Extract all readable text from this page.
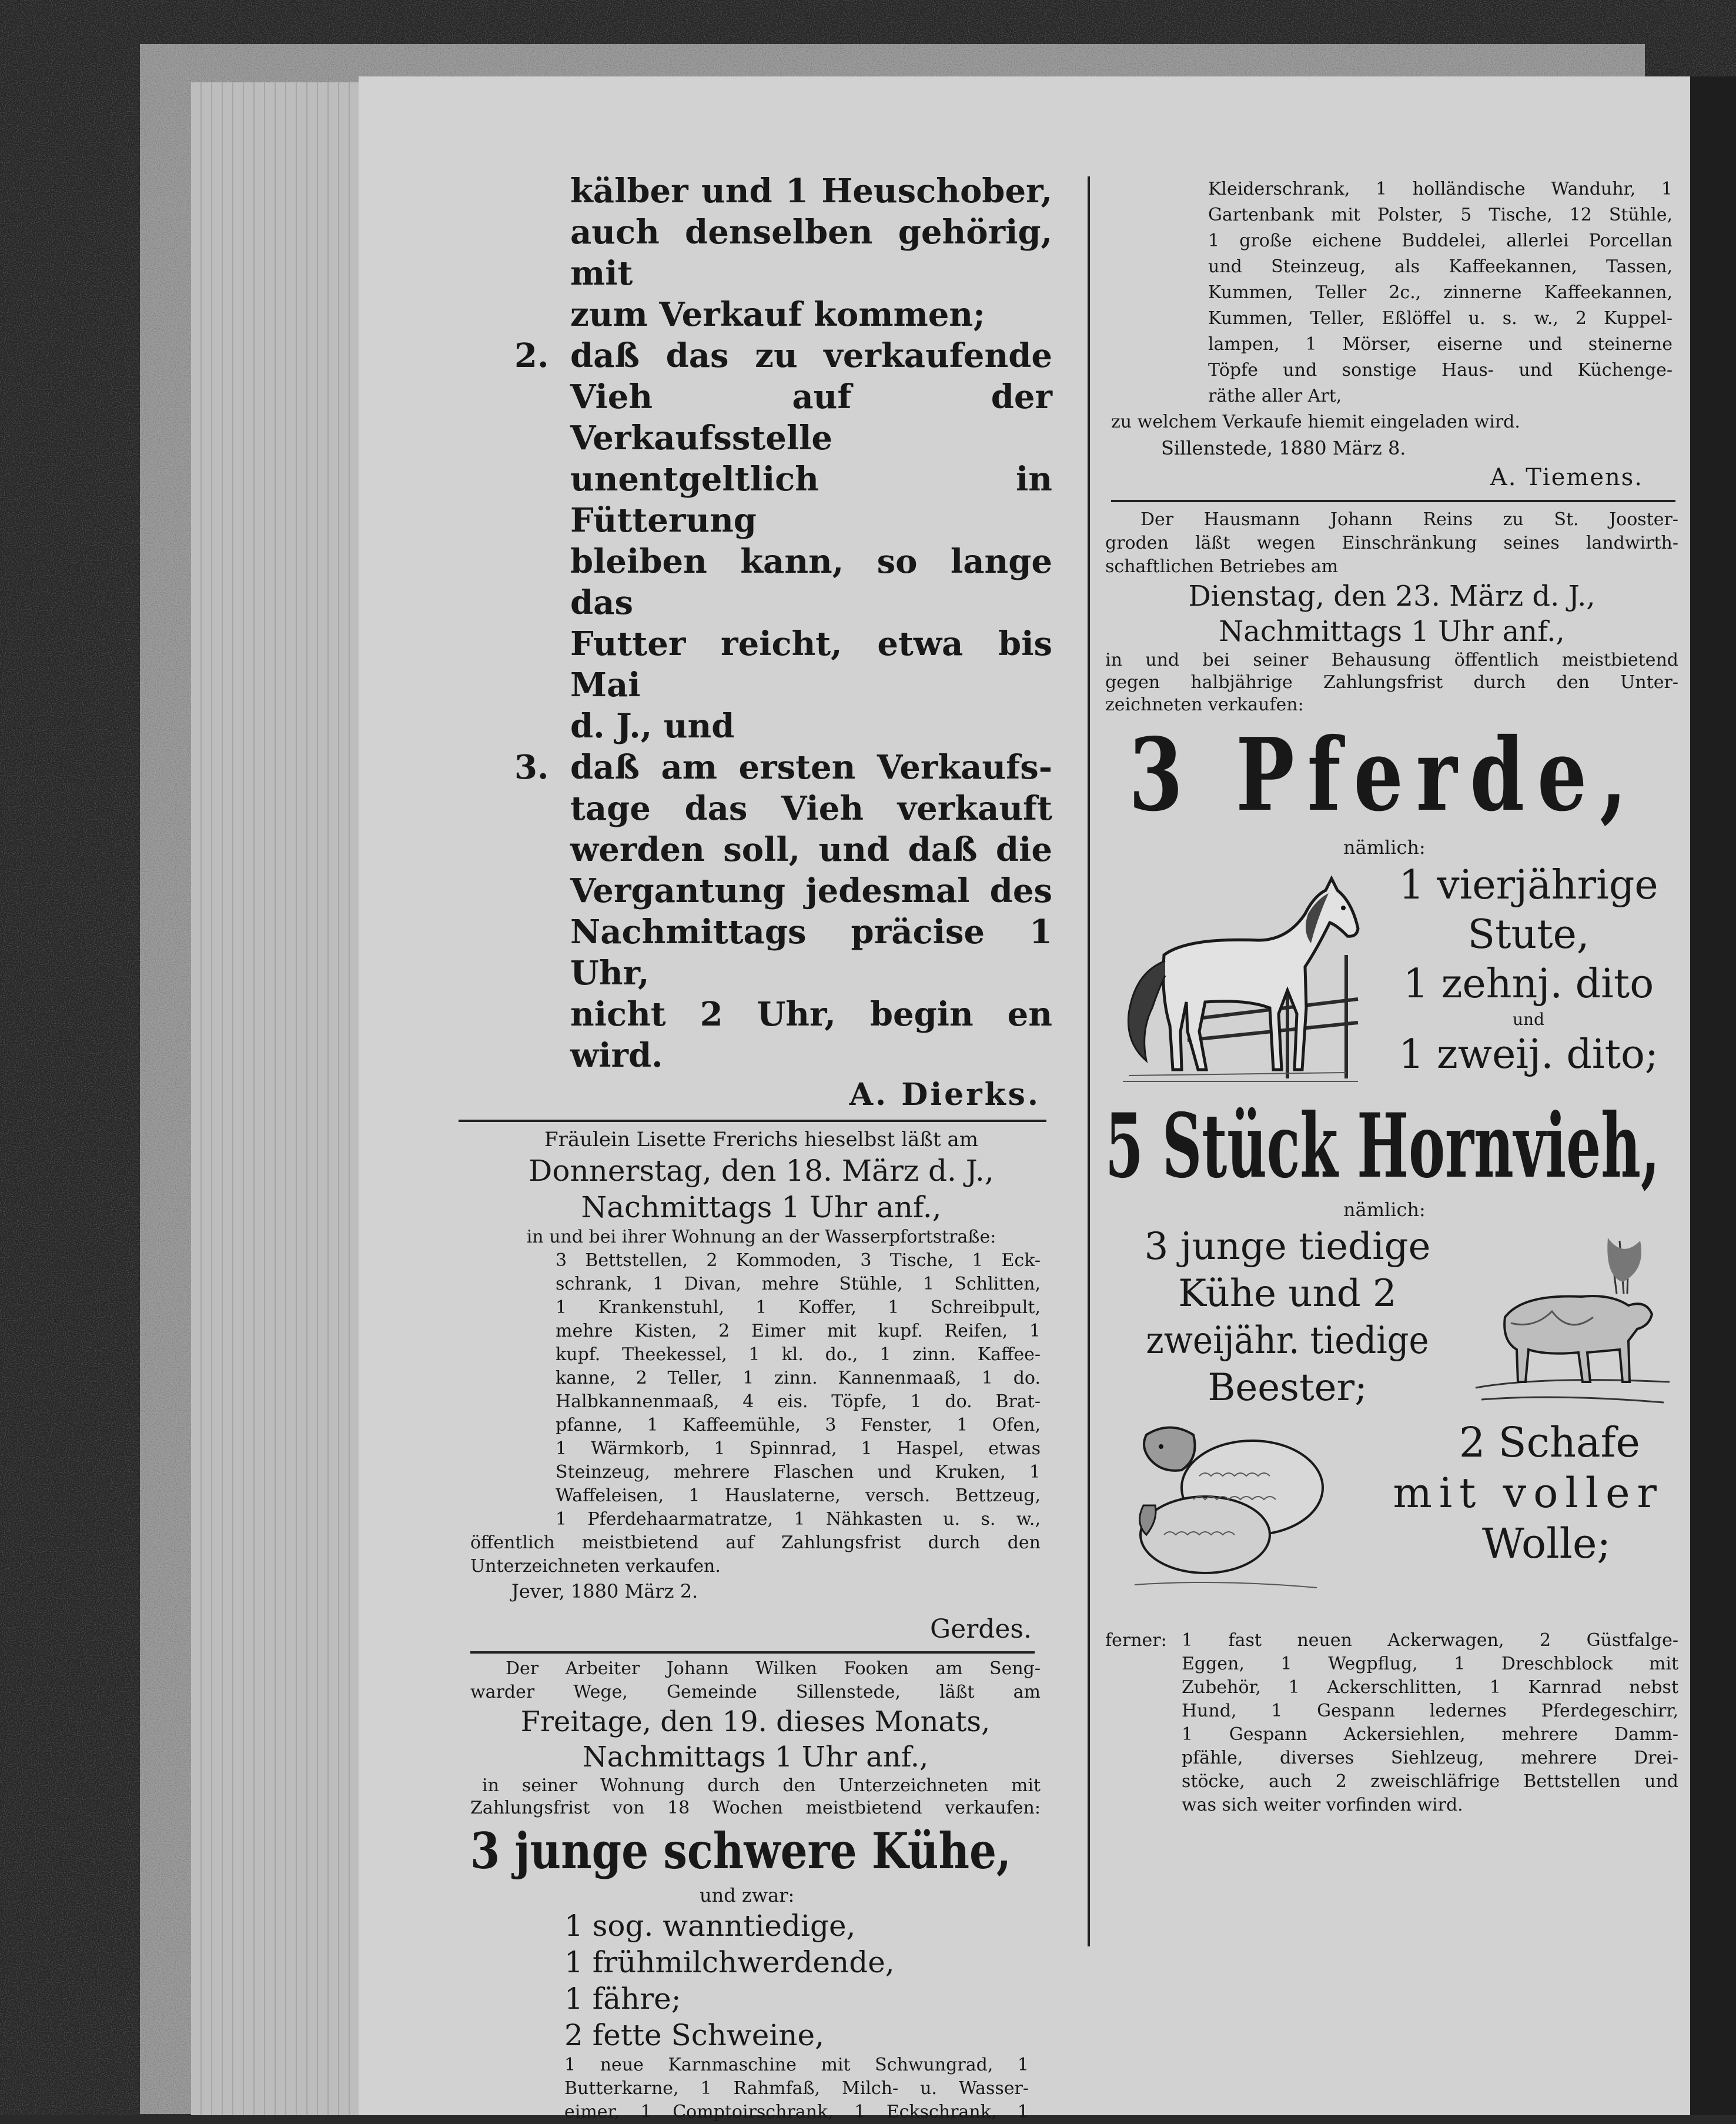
kälber und 1 Heuschober,

auch denselben gehörig, mit

zum Verkauf kommen;

2. daß das zu verkaufende

Vieh auf der Verkaufsstelle

unentgeltlich in Fütterung

bleiben kann, so lange das

Futter reicht, etwa bis Mai

d. J., und

3. daß am ersten Verkaufs-

tage das Vieh verkauft

werden soll, und daß die

Vergantung jedesmal des

Nachmittags präcise 1 Uhr,

nicht 2 Uhr, begin en wird.

A. Dierks.

Fräulein Lisette Frerichs hieselbst läßt am

Donnerstag, den 18. März d. J.,

Nachmittags 1 Uhr anf.,

in und bei ihrer Wohnung an der Wasserpfortstraße:

3 Bettstellen, 2 Kommoden, 3 Tische, 1 Eck-

schrank, 1 Divan, mehre Stühle, 1 Schlitten,

1 Krankenstuhl, 1 Koffer, 1 Schreibpult,

mehre Kisten, 2 Eimer mit kupf. Reifen, 1

kupf. Theekessel, 1 kl. do., 1 zinn. Kaffee-

kanne, 2 Teller, 1 zinn. Kannenmaaß, 1 do.

Halbkannenmaaß, 4 eis. Töpfe, 1 do. Brat-

pfanne, 1 Kaffeemühle, 3 Fenster, 1 Ofen,

1 Wärmkorb, 1 Spinnrad, 1 Haspel, etwas

Steinzeug, mehrere Flaschen und Kruken, 1

Waffeleisen, 1 Hauslaterne, versch. Bettzeug,

1 Pferdehaarmatratze, 1 Nähkasten u. s. w.,

öffentlich meistbietend auf Zahlungsfrist durch den

Unterzeichneten verkaufen.

Jever, 1880 März 2.

Gerdes.

Der Arbeiter Johann Wilken Fooken am Seng-

warder Wege, Gemeinde Sillenstede, läßt am

Freitage, den 19. dieses Monats,

Nachmittags 1 Uhr anf.,

in seiner Wohnung durch den Unterzeichneten mit

Zahlungsfrist von 18 Wochen meistbietend verkaufen:

3 junge schwere Kühe,

und zwar:

1 sog. wanntiedige,

1 frühmilchwerdende,

1 fähre;

2 fette Schweine,

1 neue Karnmaschine mit Schwungrad, 1

Butterkarne, 1 Rahmfaß, Milch- u. Wasser-

eimer, 1 Comptoirschrank, 1 Eckschrank, 1

Kleiderschrank, 1 holländische Wanduhr, 1

Gartenbank mit Polster, 5 Tische, 12 Stühle,

1 große eichene Buddelei, allerlei Porcellan

und Steinzeug, als Kaffeekannen, Tassen,

Kummen, Teller 2c., zinnerne Kaffeekannen,

Kummen, Teller, Eßlöffel u. s. w., 2 Kuppel-

lampen, 1 Mörser, eiserne und steinerne

Töpfe und sonstige Haus- und Küchenge-

räthe aller Art,

zu welchem Verkaufe hiemit eingeladen wird.

Sillenstede, 1880 März 8.

A. Tiemens.

Der Hausmann Johann Reins zu St. Jooster-

groden läßt wegen Einschränkung seines landwirth-

schaftlichen Betriebes am

Dienstag, den 23. März d. J.,

Nachmittags 1 Uhr anf.,

in und bei seiner Behausung öffentlich meistbietend

gegen halbjährige Zahlungsfrist durch den Unter-

zeichneten verkaufen:

3 Pferde,

nämlich:

1 vierjährige

Stute,

1 zehnj. dito

und

1 zweij. dito;

5 Stück Hornvieh,

nämlich:

3 junge tiedige

Kühe und 2

zweijähr. tiedige

Beester;

2 Schafe

mit voller

Wolle;

ferner: 1 fast neuen Ackerwagen, 2 Güstfalge-

Eggen, 1 Wegpflug, 1 Dreschblock mit

Zubehör, 1 Ackerschlitten, 1 Karnrad nebst

Hund, 1 Gespann ledernes Pferdegeschirr,

1 Gespann Ackersiehlen, mehrere Damm-

pfähle, diverses Siehlzeug, mehrere Drei-

stöcke, auch 2 zweischläfrige Bettstellen und

was sich weiter vorfinden wird.
